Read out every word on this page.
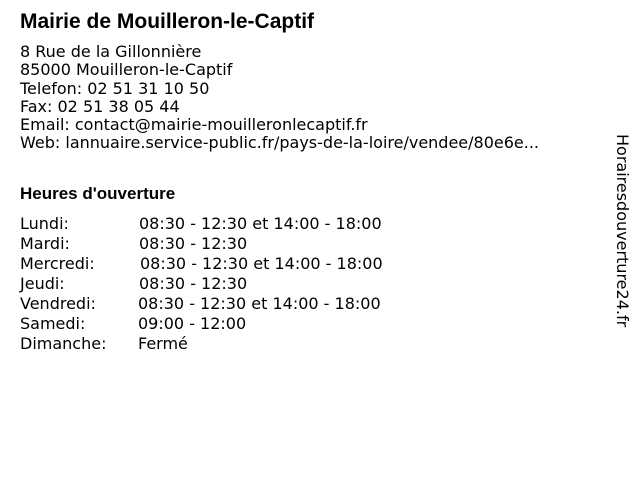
Mairie de Mouilleron-le-Captif
8 Rue de la Gillonnière
85000 Mouilleron-le-Captif
Telefon: 02 51 31 10 50
Fax: 02 51 38 05 44
Email: contact@mairie-mouilleronlecaptif.fr
Web: lannuaire.service-public.fr/pays-de-la-loire/vendee/80e6e...
Heures d'ouverture
Lundi:	08:30 - 12:30 et 14:00 - 18:00
Mardi:	08:30 - 12:30
Mercredi:	08:30 - 12:30 et 14:00 - 18:00
Jeudi:	08:30 - 12:30
Vendredi:	08:30 - 12:30 et 14:00 - 18:00
Samedi:	09:00 - 12:00
Dimanche: Fermé
Horairesdouverture24.fr
